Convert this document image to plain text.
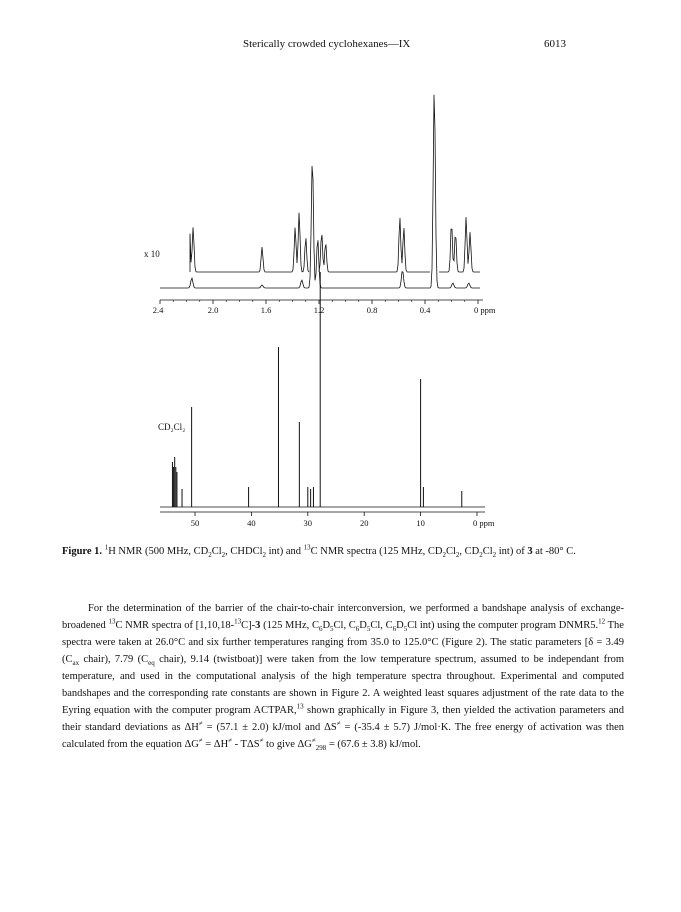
Sterically crowded cyclohexanes—IX	6013
x 10
2.4	2.0	1.6	1.2	0.8	0.4	0 ppm
CD₂Cl₂
50	40	30	20	10	0 ppm
Figure 1. $^1$H NMR (500 MHz, $CD_2Cl_2$, CHDCl$_2$ int) and $^{13}$C NMR spectra (125 MHz, $CD_2Cl_2$, $CD_2Cl_2$ int) of 3 at -80° C.

For the determination of the barrier of the chair-to-chair interconversion, we performed a bandshape analysis of exchange-broadened $^{13}$C NMR spectra of [1,10,18-$^{13}$C]-3 (125 MHz, $C_6D_5Cl$, $C_6D_5Cl$, $C_6D_5Cl$ int) using the computer program DNMR5.12 The spectra were taken at 26.0°C and six further temperatures ranging from 35.0 to 125.0°C (Figure 2). The static parameters [δ = 3.49 ($C_{ax}$ chair), 7.79 ($C_{eq}$ chair), 9.14 (twistboat)] were taken from the low temperature spectrum, assumed to be independant from temperature, and used in the computational analysis of the high temperature spectra throughout. Experimental and computed bandshapes and the corresponding rate constants are shown in Figure 2. A weighted least squares adjustment of the rate data to the Eyring equation with the computer program ACTPAR,$^{13}$ shown graphically in Figure 3, then yielded the activation parameters and their standard deviations as ΔH≠ = (57.1 ± 2.0) kJ/mol and ΔS≠ = (-35.4 ± 5.7) J/mol·K. The free energy of activation was then calculated from the equation ΔG≠ = ΔH≠ - TΔS≠ to give $\Delta G^\ne_{298} = (67.6 \pm 3.8)$ kJ/mol.
